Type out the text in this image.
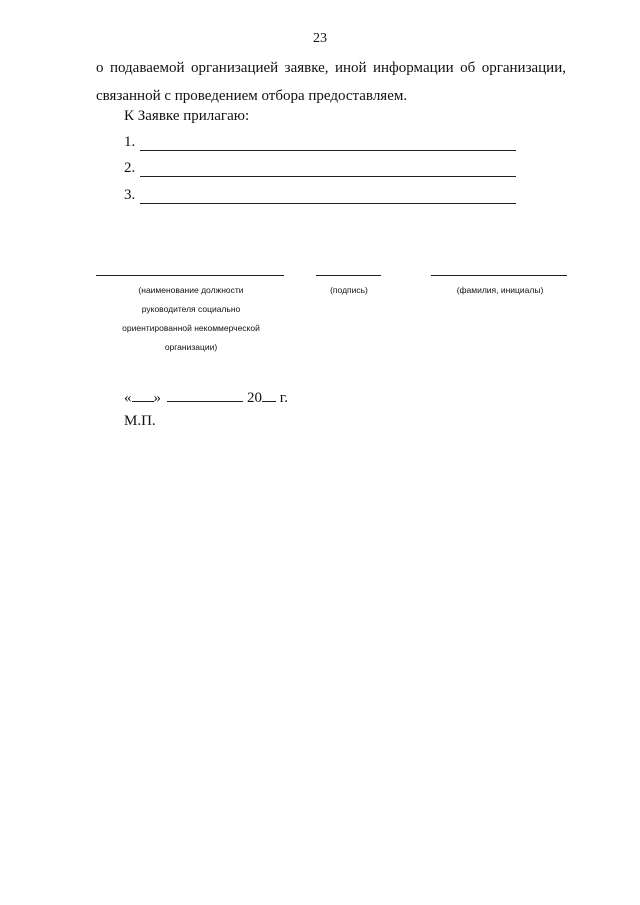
23
о подаваемой организацией заявке, иной информации об организации,
связанной с проведением отбора предоставляем.
К Заявке прилагаю:
1.
2.
3.
(наименование должности
руководителя социально
ориентированной некоммерческой
организации)
(подпись)	(фамилия, инициалы)
« »	20 г.
М.П.
